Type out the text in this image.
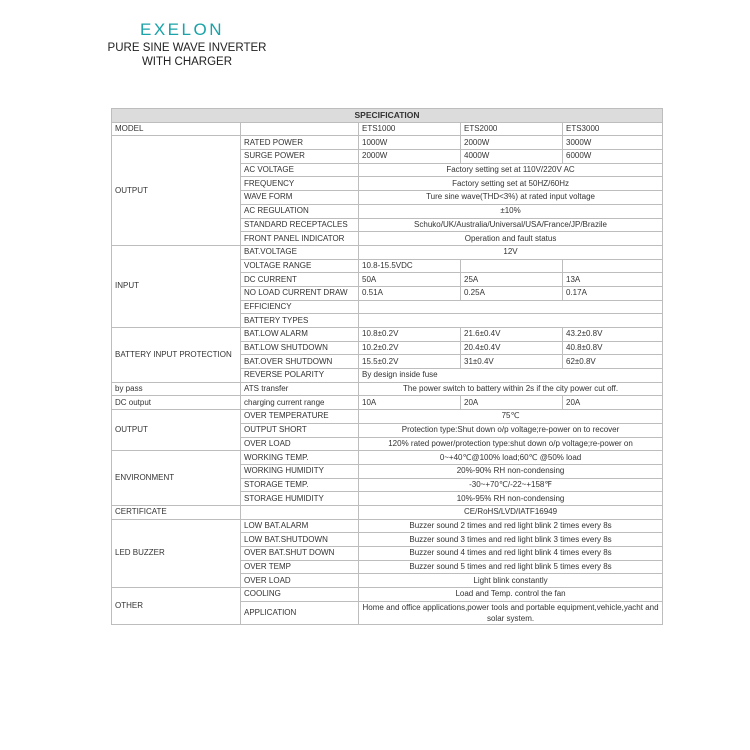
EXELON
PURE SINE WAVE INVERTER
WITH CHARGER
SPECIFICATION				
MODEL		ETS1000	ETS2000	ETS3000
OUTPUT	RATED POWER	1000W	2000W	3000W
	SURGE POWER	2000W	4000W	6000W
	AC VOLTAGE	Factory setting set at 110V/220V AC		
	FREQUENCY	Factory setting set at 50HZ/60Hz		
	WAVE FORM	Ture sine wave(THD<3%) at rated input voltage		
	AC REGULATION	±10%		
	STANDARD RECEPTACLES	Schuko/UK/Australia/Universal/USA/France/JP/Brazile		
	FRONT PANEL INDICATOR	Operation and fault status		
INPUT	BAT.VOLTAGE	12V		
	VOLTAGE RANGE	10.8-15.5VDC		
	DC CURRENT	50A	25A	13A
	NO LOAD CURRENT DRAW	0.51A	0.25A	0.17A
	EFFICIENCY			
	BATTERY TYPES			
BATTERY INPUT PROTECTION	BAT.LOW ALARM	10.8±0.2V	21.6±0.4V	43.2±0.8V
	BAT.LOW SHUTDOWN	10.2±0.2V	20.4±0.4V	40.8±0.8V
	BAT.OVER SHUTDOWN	15.5±0.2V	31±0.4V	62±0.8V
	REVERSE POLARITY	By design inside fuse		
by pass	ATS transfer	The power switch to battery within 2s if the city power cut off.		
DC output	charging current range	10A	20A	20A
OUTPUT	OVER TEMPERATURE	75℃		
	OUTPUT SHORT	Protection type:Shut down o/p voltage;re-power on to recover		
	OVER LOAD	120% rated power/protection type:shut down o/p voltage;re-power on		
ENVIRONMENT	WORKING TEMP.	0~+40℃@100% load;60℃ @50% load		
	WORKING HUMIDITY	20%-90% RH non-condensing		
	STORAGE TEMP.	-30~+70℃/-22~+158℉		
	STORAGE HUMIDITY	10%-95% RH non-condensing		
CERTIFICATE		CE/RoHS/LVD/IATF16949		
LED BUZZER	LOW BAT.ALARM	Buzzer sound 2 times and red light blink 2 times every 8s		
	LOW BAT.SHUTDOWN	Buzzer sound 3 times and red light blink 3 times every 8s		
	OVER BAT.SHUT DOWN	Buzzer sound 4 times and red light blink 4 times every 8s		
	OVER TEMP	Buzzer sound 5 times and red light blink 5 times every 8s		
	OVER LOAD	Light blink constantly		
OTHER	COOLING	Load and Temp. control the fan		
	APPLICATION	Home and office applications,power tools and portable equipment,vehicle,yacht and solar system.		
